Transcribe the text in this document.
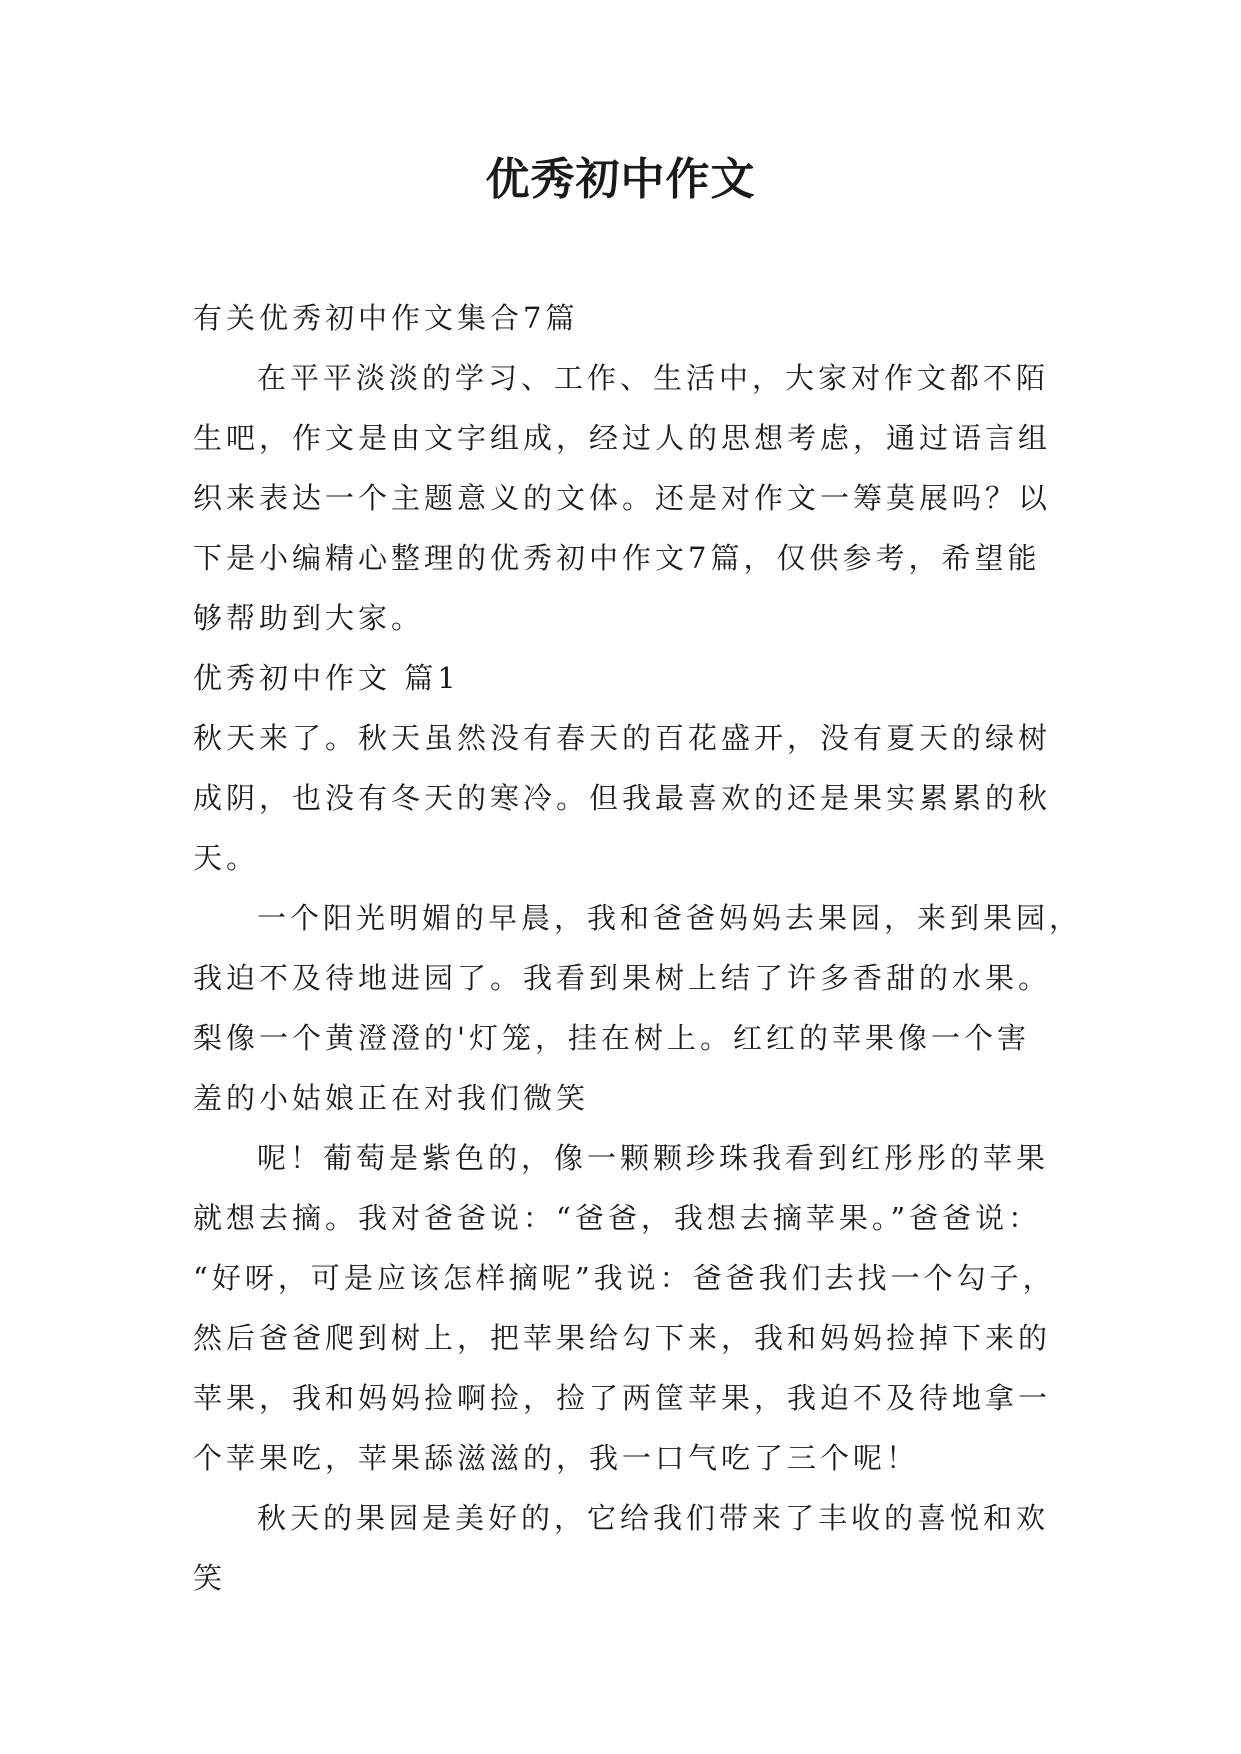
优秀初中作文

有关优秀初中作文集合7篇

在平平淡淡的学习、工作、生活中，大家对作文都不陌

生吧，作文是由文字组成，经过人的思想考虑，通过语言组

织来表达一个主题意义的文体。还是对作文一筹莫展吗？以

下是小编精心整理的优秀初中作文7篇，仅供参考，希望能

够帮助到大家。

优秀初中作文 篇1

秋天来了。秋天虽然没有春天的百花盛开，没有夏天的绿树

成阴，也没有冬天的寒冷。但我最喜欢的还是果实累累的秋

天。

一个阳光明媚的早晨，我和爸爸妈妈去果园，来到果园，

我迫不及待地进园了。我看到果树上结了许多香甜的水果。

梨像一个黄澄澄的'灯笼，挂在树上。红红的苹果像一个害

羞的小姑娘正在对我们微笑

呢！葡萄是紫色的，像一颗颗珍珠我看到红彤彤的苹果

就想去摘。我对爸爸说：“爸爸，我想去摘苹果。”爸爸说：

“好呀，可是应该怎样摘呢”我说：爸爸我们去找一个勾子，

然后爸爸爬到树上，把苹果给勾下来，我和妈妈捡掉下来的

苹果，我和妈妈捡啊捡，捡了两筐苹果，我迫不及待地拿一

个苹果吃，苹果舔滋滋的，我一口气吃了三个呢！

秋天的果园是美好的，它给我们带来了丰收的喜悦和欢

笑
